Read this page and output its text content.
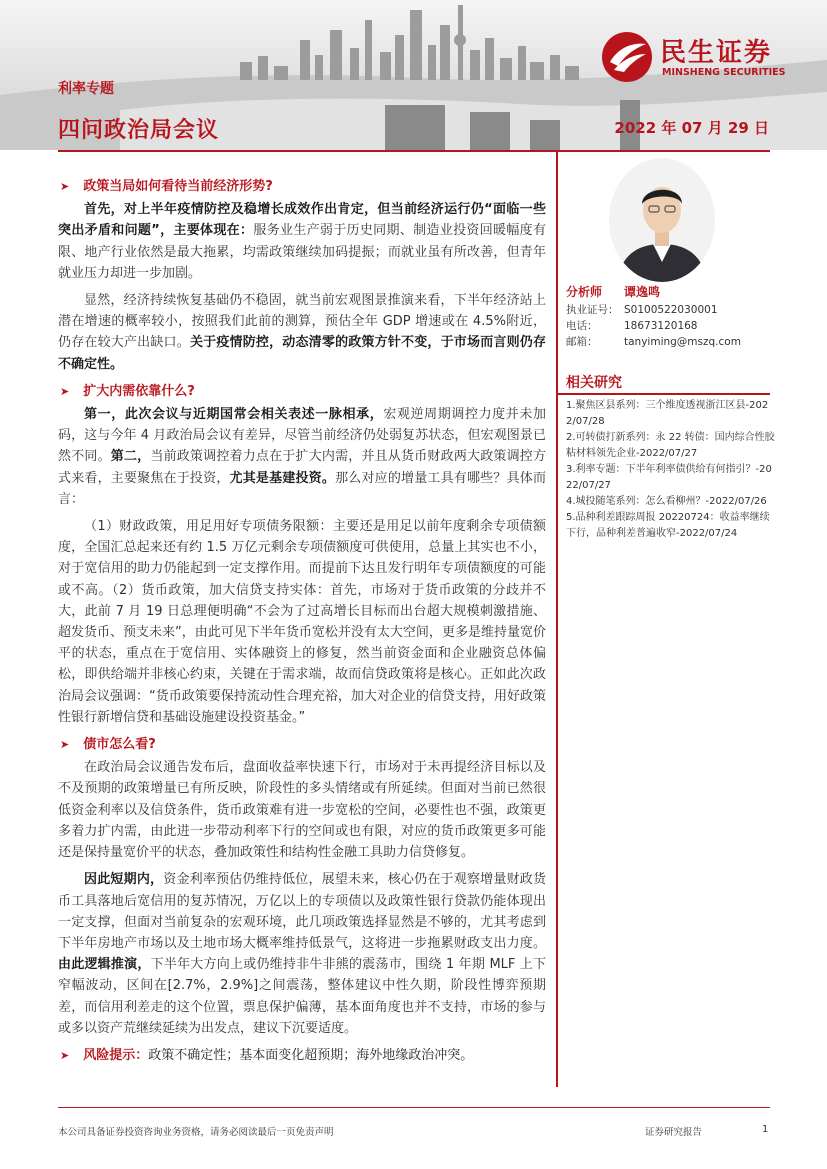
利率专题
四问政治局会议	2022 年 07 月 29 日
民生证券
MINSHENG SECURITIES
➤ 政策当局如何看待当前经济形势?

首先，对上半年疫情防控及稳增长成效作出肯定，但当前经济运行仍“面临一些突出矛盾和问题”，主要体现在：服务业生产弱于历史同期、制造业投资回暖幅度有限、地产行业依然是最大拖累，均需政策继续加码提振；而就业虽有所改善，但青年就业压力却进一步加剧。

显然，经济持续恢复基础仍不稳固，就当前宏观图景推演来看，下半年经济站上潜在增速的概率较小，按照我们此前的测算，预估全年 GDP 增速或在 4.5%附近，仍存在较大产出缺口。关于疫情防控，动态清零的政策方针不变，于市场而言则仍存不确定性。

➤ 扩大内需依靠什么?

第一，此次会议与近期国常会相关表述一脉相承，宏观逆周期调控力度并未加码，这与今年 4 月政治局会议有差异，尽管当前经济仍处弱复苏状态，但宏观图景已然不同。第二，当前政策调控着力点在于扩大内需，并且从货币财政两大政策调控方式来看，主要聚焦在于投资，尤其是基建投资。那么对应的增量工具有哪些？具体而言：

（1）财政政策，用足用好专项债务限额：主要还是用足以前年度剩余专项债额度，全国汇总起来还有约 1.5 万亿元剩余专项债额度可供使用，总量上其实也不小，对于宽信用的助力仍能起到一定支撑作用。而提前下达且发行明年专项债额度的可能或不高。（2）货币政策，加大信贷支持实体：首先，市场对于货币政策的分歧并不大，此前 7 月 19 日总理便明确“不会为了过高增长目标而出台超大规模刺激措施、超发货币、预支未来”，由此可见下半年货币宽松并没有太大空间，更多是维持量宽价平的状态，重点在于宽信用、实体融资上的修复，然当前资金面和企业融资总体偏松，即供给端并非核心约束，关键在于需求端，故而信贷政策将是核心。正如此次政治局会议强调：“货币政策要保持流动性合理充裕，加大对企业的信贷支持，用好政策性银行新增信贷和基础设施建设投资基金。”

➤ 债市怎么看?

在政治局会议通告发布后，盘面收益率快速下行，市场对于未再提经济目标以及不及预期的政策增量已有所反映，阶段性的多头情绪或有所延续。但面对当前已然很低资金利率以及信贷条件，货币政策难有进一步宽松的空间，必要性也不强，政策更多着力扩内需，由此进一步带动利率下行的空间或也有限，对应的货币政策更多可能还是保持量宽价平的状态，叠加政策性和结构性金融工具助力信贷修复。

因此短期内，资金利率预估仍维持低位，展望未来，核心仍在于观察增量财政货币工具落地后宽信用的复苏情况，万亿以上的专项债以及政策性银行贷款仍能体现出一定支撑，但面对当前复杂的宏观环境，此几项政策选择显然是不够的，尤其考虑到下半年房地产市场以及土地市场大概率维持低景气，这将进一步拖累财政支出力度。由此逻辑推演，下半年大方向上或仍维持非牛非熊的震荡市，围绕 1 年期 MLF 上下窄幅波动，区间在[2.7%，2.9%]之间震荡，整体建议中性久期，阶段性博弈预期差，而信用利差走的这个位置，票息保护偏薄，基本面角度也并不支持，市场的参与或多以资产荒继续延续为出发点，建议下沉要适度。

➤ 风险提示： 政策不确定性；基本面变化超预期；海外地缘政治冲突。
分析师	谭逸鸣
执业证号： S0100522030001
电话：	18673120168
邮箱：	tanyiming@mszq.com
相关研究
1.聚焦区县系列：三个维度透视浙江区县-2022/07/28
2.可转债打新系列：永 22 转债：国内综合性胶粘材料领先企业-2022/07/27
3.利率专题：下半年利率债供给有何指引？-2022/07/27
4.城投随笔系列：怎么看柳州？-2022/07/26
5.品种利差跟踪周报 20220724：收益率继续下行，品种利差普遍收窄-2022/07/24
本公司具备证券投资咨询业务资格，请务必阅读最后一页免责声明	证券研究报告	1
